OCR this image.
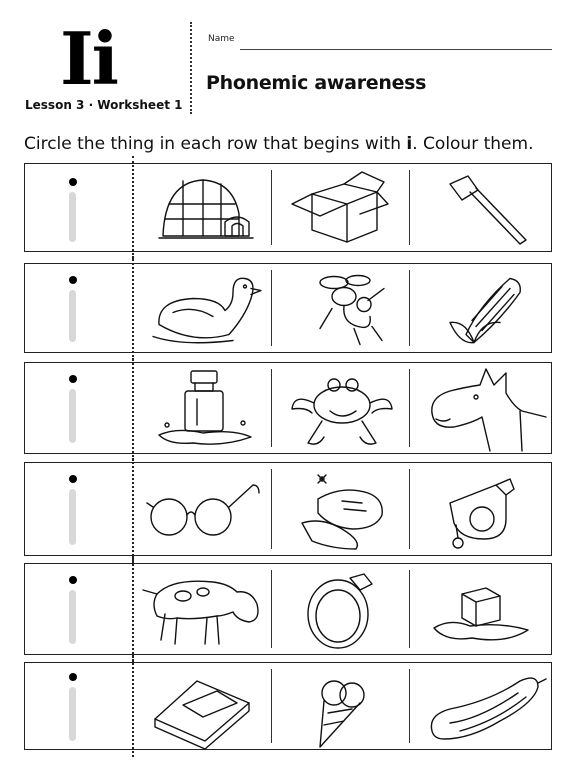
Ii
Lesson 3 · Worksheet 1
Name
Phonemic awareness
Circle the thing in each row that begins with i. Colour them.
